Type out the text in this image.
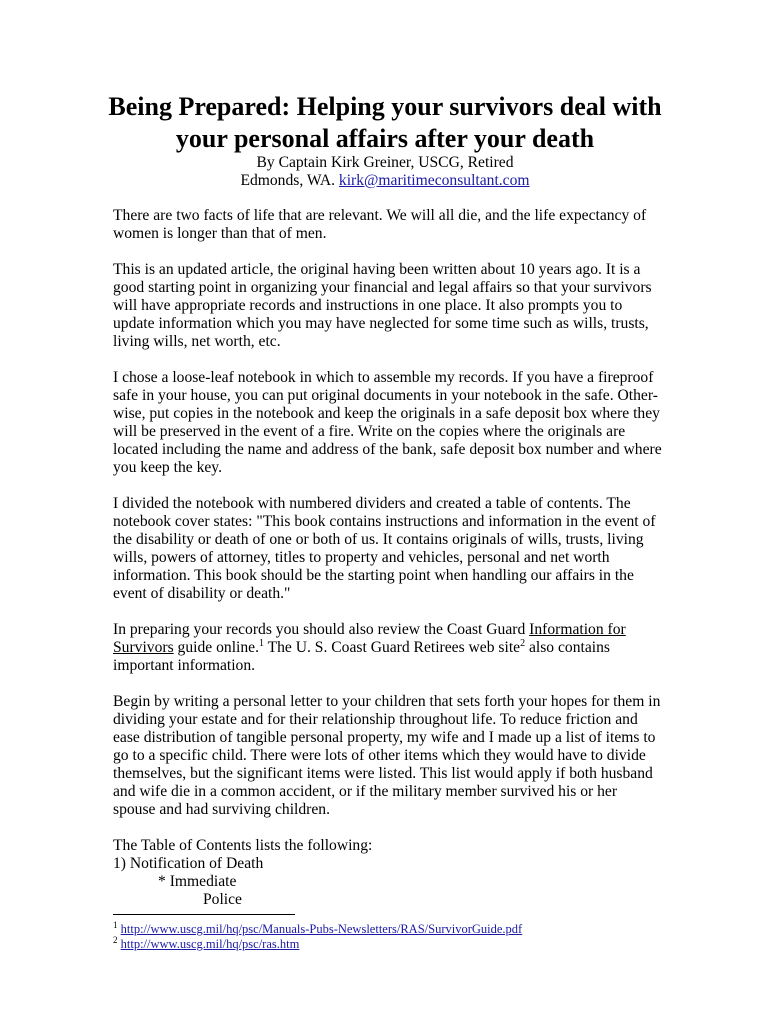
Being Prepared: Helping your survivors deal with
your personal affairs after your death
By Captain Kirk Greiner, USCG, Retired
Edmonds, WA. kirk@maritimeconsultant.com

There are two facts of life that are relevant. We will all die, and the life expectancy of women is longer than that of men.

This is an updated article, the original having been written about 10 years ago. It is a good starting point in organizing your financial and legal affairs so that your survivors will have appropriate records and instructions in one place. It also prompts you to update information which you may have neglected for some time such as wills, trusts, living wills, net worth, etc.

I chose a loose-leaf notebook in which to assemble my records. If you have a fireproof safe in your house, you can put original documents in your notebook in the safe. Other-wise, put copies in the notebook and keep the originals in a safe deposit box where they will be preserved in the event of a fire. Write on the copies where the originals are located including the name and address of the bank, safe deposit box number and where you keep the key.

I divided the notebook with numbered dividers and created a table of contents. The notebook cover states: "This book contains instructions and information in the event of the disability or death of one or both of us. It contains originals of wills, trusts, living wills, powers of attorney, titles to property and vehicles, personal and net worth information. This book should be the starting point when handling our affairs in the event of disability or death."

In preparing your records you should also review the Coast Guard Information for Survivors guide online.$^1$ The U. S. Coast Guard Retirees web site$^2$ also contains important information.

Begin by writing a personal letter to your children that sets forth your hopes for them in dividing your estate and for their relationship throughout life. To reduce friction and ease distribution of tangible personal property, my wife and I made up a list of items to go to a specific child. There were lots of other items which they would have to divide themselves, but the significant items were listed. This list would apply if both husband and wife die in a common accident, or if the military member survived his or her spouse and had surviving children.

The Table of Contents lists the following:
1) Notification of Death
* Immediate
Police
$^1$ http://www.uscg.mil/hq/psc/Manuals-Pubs-Newsletters/RAS/SurvivorGuide.pdf
$^2$ http://www.uscg.mil/hq/psc/ras.htm
